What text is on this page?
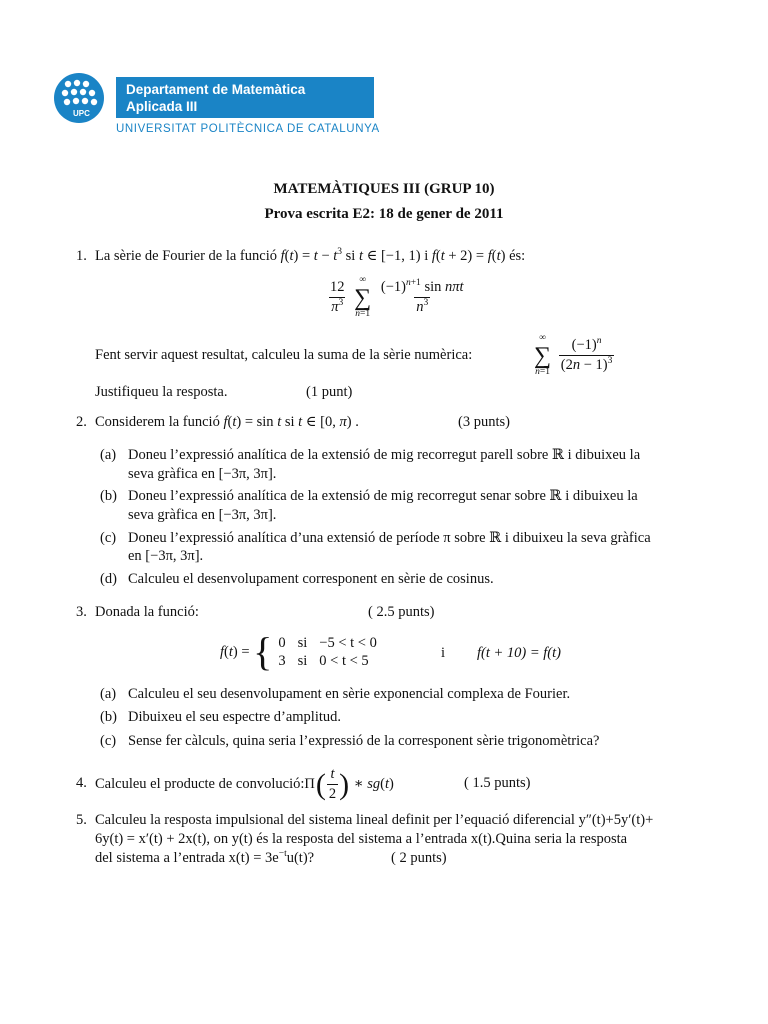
UPC
Departament de Matemàtica
Aplicada III
UNIVERSITAT POLITÈCNICA DE CATALUNYA
MATEMÀTIQUES III (GRUP 10)
Prova escrita E2: 18 de gener de 2011
1. La sèrie de Fourier de la funció $f(t) = t - t^3$ si t ∈ [−1, 1) i f(t + 2) = f(t) és:
$\frac{12}{\pi^3}$
∞
∑
n=1
$\frac{(-1)^{n+1} \sin n\pi t}{n^3}$
Fent servir aquest resultat, calculeu la suma de la sèrie numèrica:
∞
∑
n=1
$\frac{(-1)^n}{(2n - 1)^3}$
Justifiqueu la resposta.	(1 punt)
2. Considerem la funció f(t) = sin t si t ∈ [0, π) .	(3 punts)
(a) Doneu l’expressió analítica de la extensió de mig recorregut parell sobre ℝ i dibuixeu la
seva gràfica en [−3π, 3π].
(b) Doneu l’expressió analítica de la extensió de mig recorregut senar sobre ℝ i dibuixeu la
seva gràfica en [−3π, 3π].
(c) Doneu l’expressió analítica d’una extensió de període π sobre ℝ i dibuixeu la seva gràfica
en [−3π, 3π].
(d) Calculeu el desenvolupament corresponent en sèrie de cosinus.
3. Donada la funció:	( 2.5 punts)
f(t) = { 0	si	−5 < t < 0
3	si	0 < t < 5	i f(t + 10) = f(t)
(a) Calculeu el seu desenvolupament en sèrie exponencial complexa de Fourier.
(b) Dibuixeu el seu espectre d’amplitud.
(c) Sense fer càlculs, quina seria l’expressió de la corresponent sèrie trigonomètrica?
4. Calculeu el producte de convolució: Π ( $\frac{t}{2}$ ) ∗ sg(t)	( 1.5 punts)
5. Calculeu la resposta impulsional del sistema lineal definit per l’equació diferencial y″(t)+5y′(t)+
6y(t) = x′(t) + 2x(t), on y(t) és la resposta del sistema a l’entrada x(t).Quina seria la resposta
del sistema a l’entrada $x(t) = 3e^{-t}u(t)$?	( 2 punts)
